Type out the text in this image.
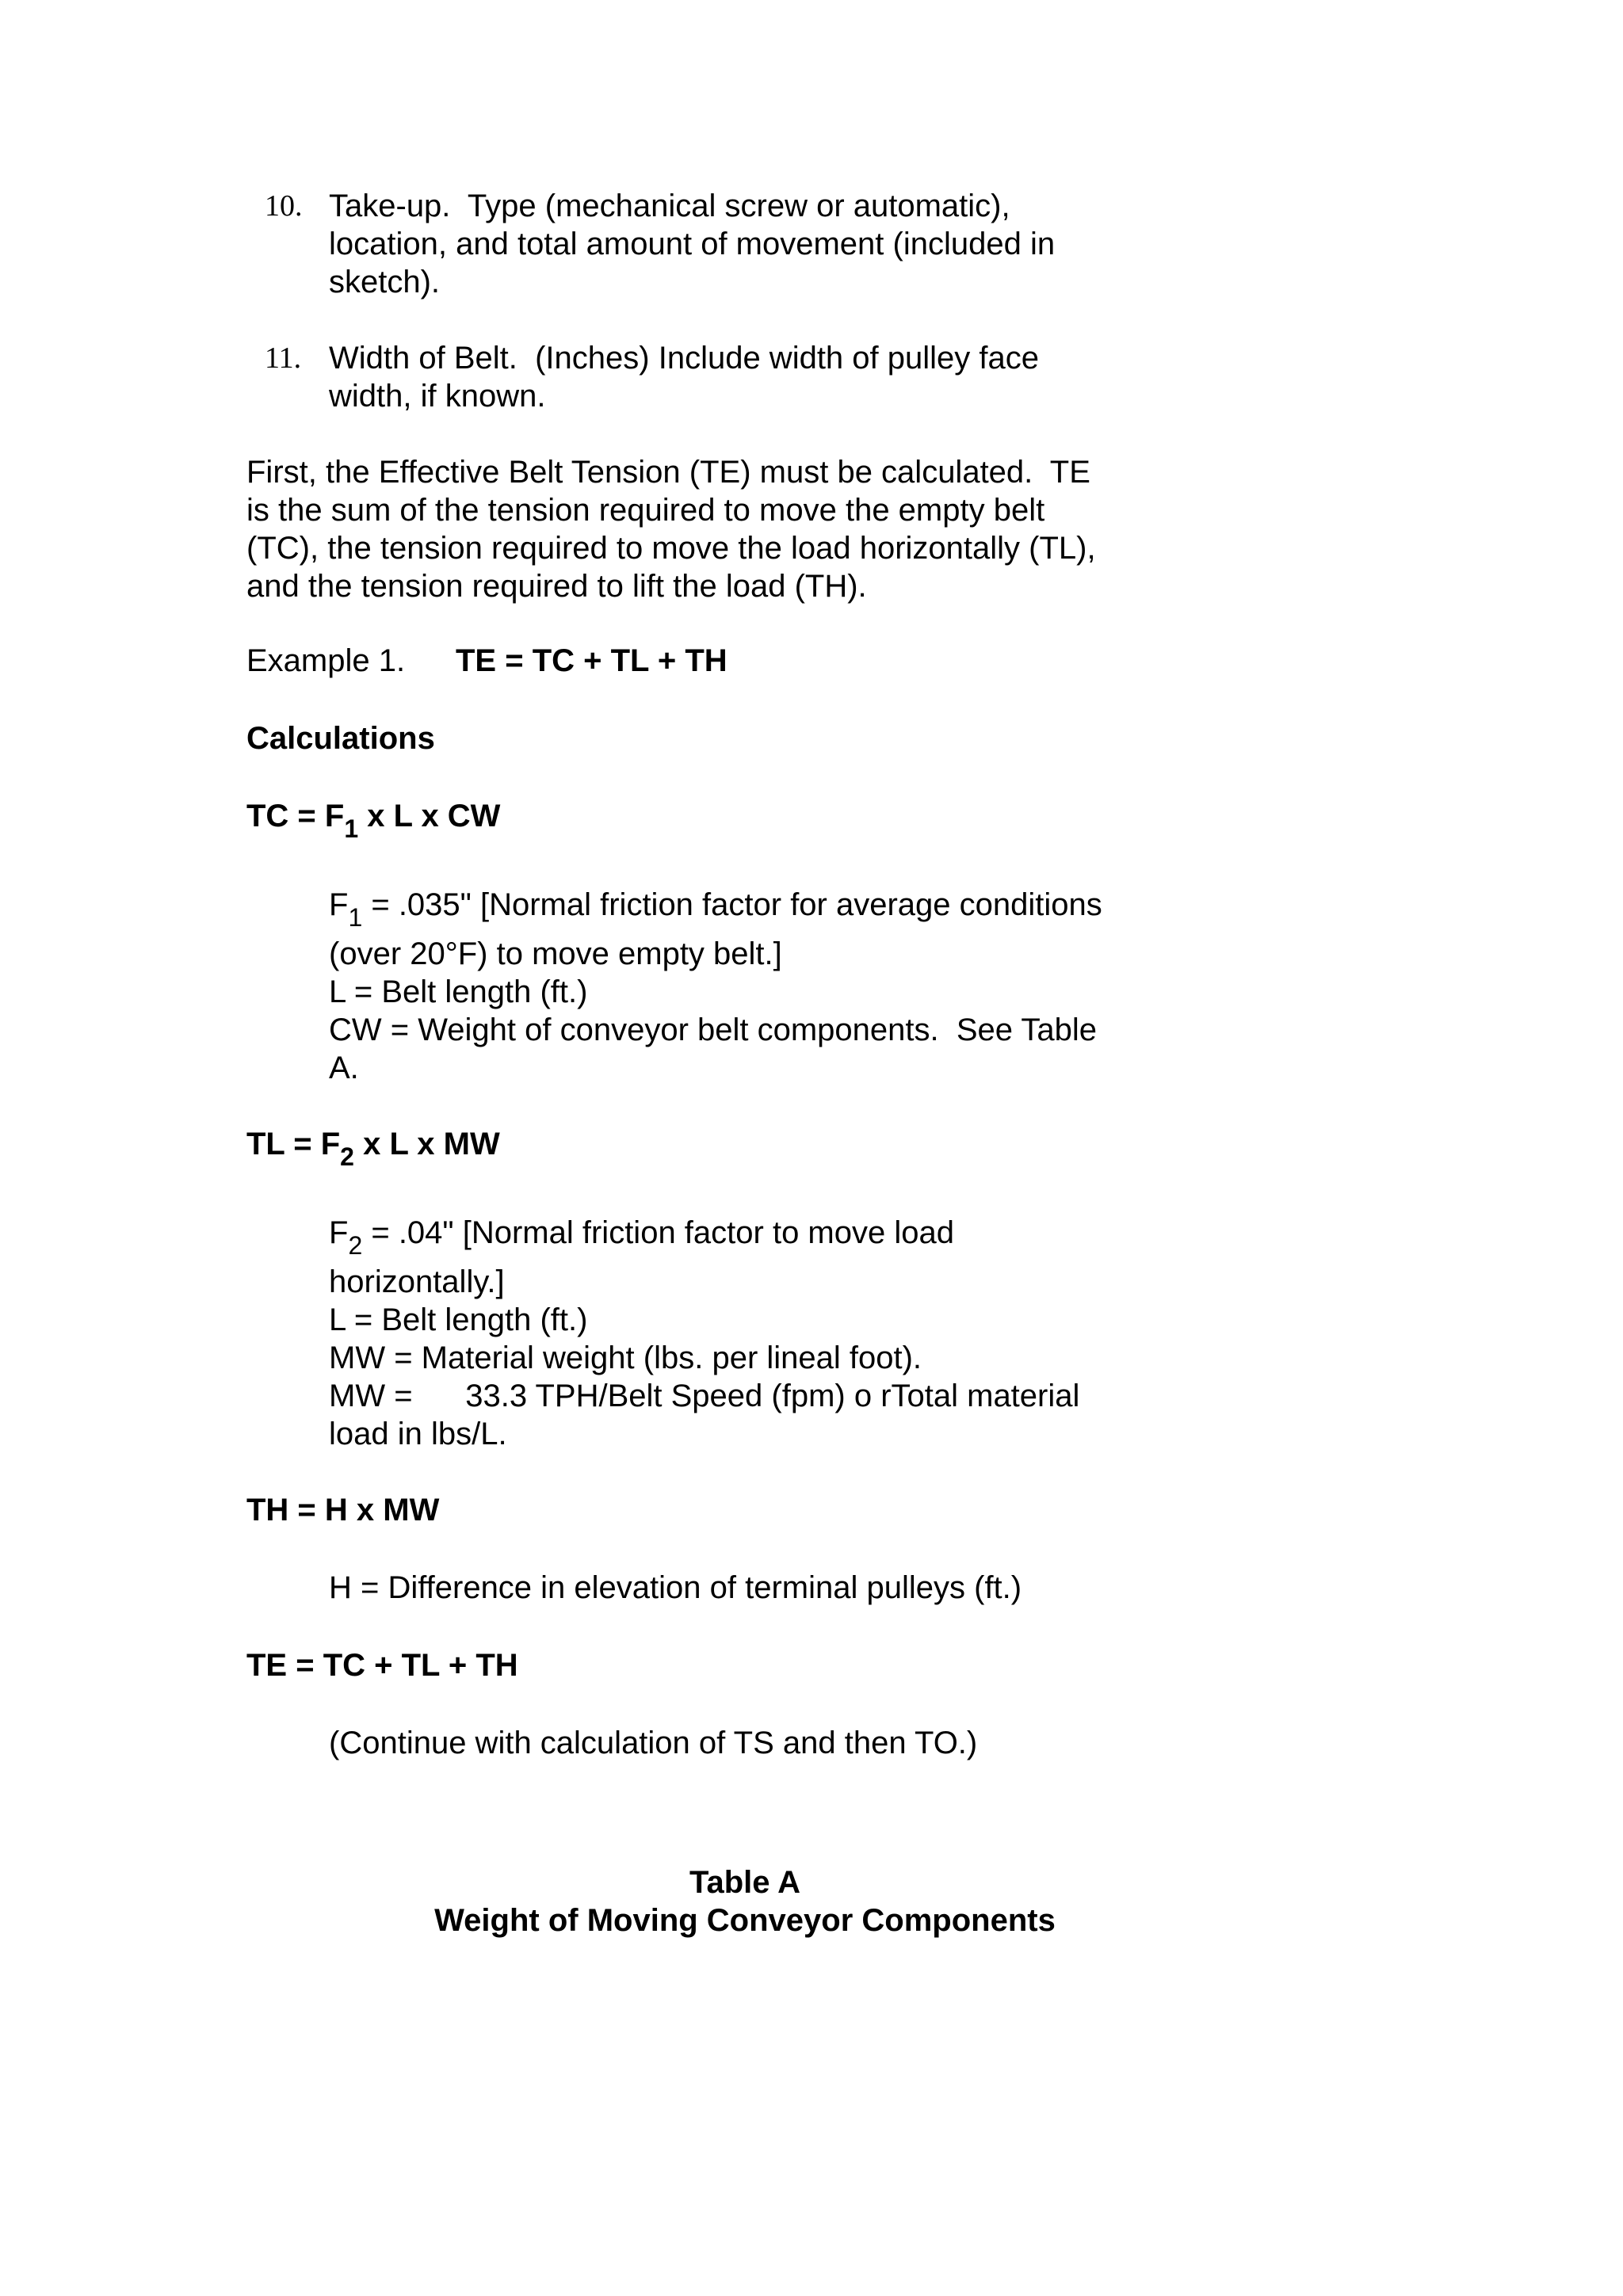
10. Take-up.  Type (mechanical screw or automatic),
location, and total amount of movement (included in
sketch).
11. Width of Belt.  (Inches) Include width of pulley face
width, if known.
First, the Effective Belt Tension (TE) must be calculated.  TE
is the sum of the tension required to move the empty belt
(TC), the tension required to move the load horizontally (TL),
and the tension required to lift the load (TH).
Example 1. TE = TC + TL + TH
Calculations
TC = $F_1$ x L x CW
$F_1 = .035$" [Normal friction factor for average conditions
(over 20°F) to move empty belt.]
L = Belt length (ft.)
CW = Weight of conveyor belt components.  See Table
A.
TL = $F_2$ x L x MW
$F_2 = .04$" [Normal friction factor to move load
horizontally.]
L = Belt length (ft.)
MW = Material weight (lbs. per lineal foot).
MW =      33.3 TPH/Belt Speed (fpm) o rTotal material
load in lbs/L.
TH = H x MW
H = Difference in elevation of terminal pulleys (ft.)
TE = TC + TL + TH
(Continue with calculation of TS and then TO.)
Table A
Weight of Moving Conveyor Components
